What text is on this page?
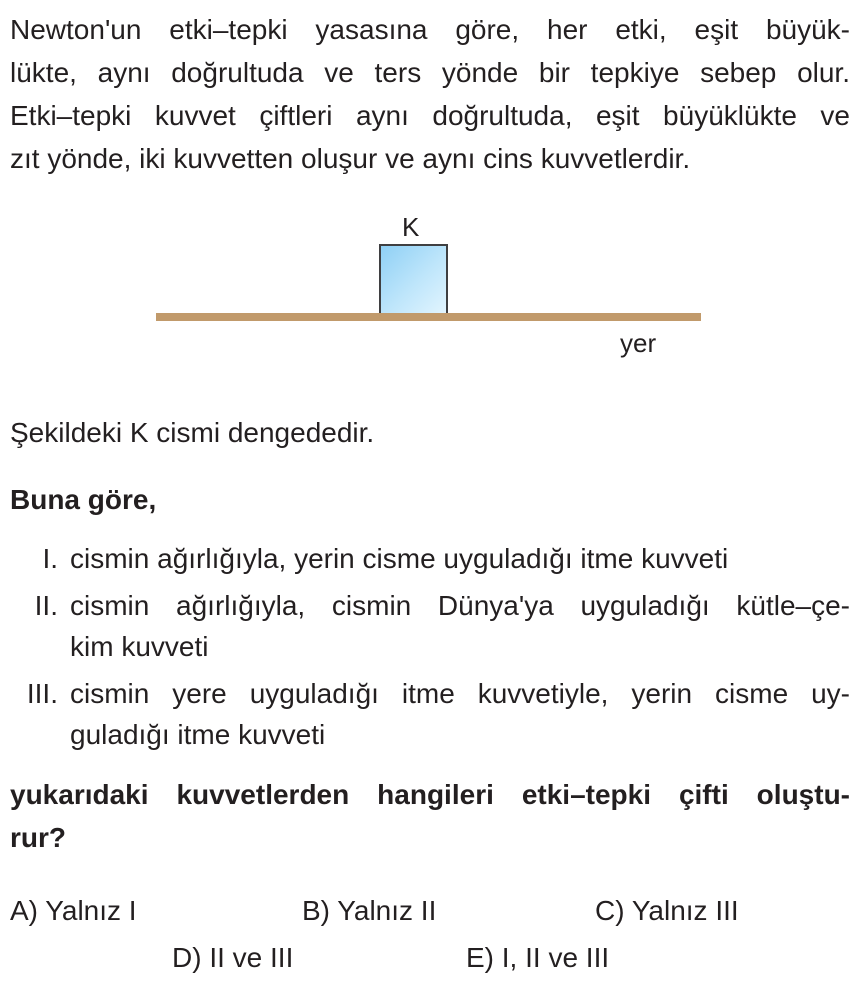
Newton'un etki–tepki yasasına göre, her etki, eşit büyük-
lükte, aynı doğrultuda ve ters yönde bir tepkiye sebep olur.
Etki–tepki kuvvet çiftleri aynı doğrultuda, eşit büyüklükte ve
zıt yönde, iki kuvvetten oluşur ve aynı cins kuvvetlerdir.
K
yer
Şekildeki K cismi dengededir.
Buna göre,
I. cismin ağırlığıyla, yerin cisme uyguladığı itme kuvveti
II. cismin ağırlığıyla, cismin Dünya'ya uyguladığı kütle–çe-
kim kuvveti
III. cismin yere uyguladığı itme kuvvetiyle, yerin cisme uy-
guladığı itme kuvveti
yukarıdaki kuvvetlerden hangileri etki–tepki çifti oluştu-
rur?
A) Yalnız I	B) Yalnız II	C) Yalnız III
D) II ve III	E) I, II ve III
